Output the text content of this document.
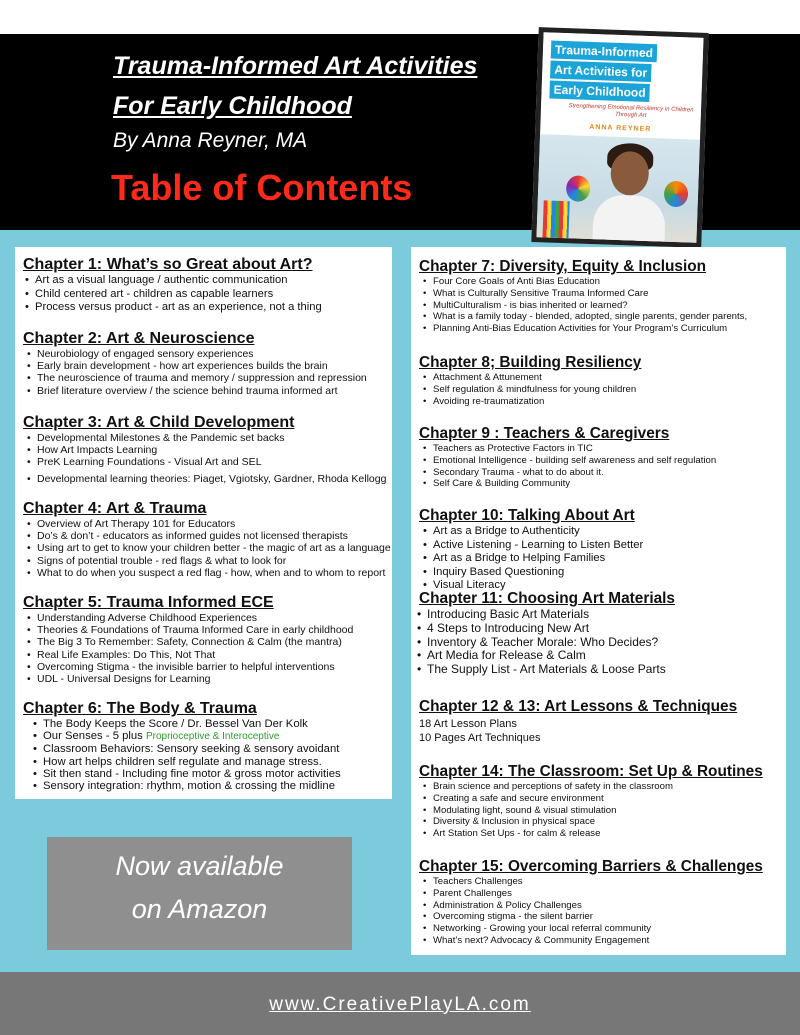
Trauma-Informed Art Activities
For Early Childhood
By Anna Reyner, MA
Table of Contents
Trauma-Informed
Art Activities for
Early Childhood
Strengthening Emotional Resiliency in Children Through Art
ANNA REYNER
Chapter 1: What’s so Great about Art?
• Art as a visual language / authentic communication
• Child centered art - children as capable learners
• Process versus product - art as an experience, not a thing
Chapter 2: Art & Neuroscience
• Neurobiology of engaged sensory experiences
• Early brain development - how art experiences builds the brain
• The neuroscience of trauma and memory / suppression and repression
• Brief literature overview / the science behind trauma informed art
Chapter 3: Art & Child Development
• Developmental Milestones & the Pandemic set backs
• How Art Impacts Learning
• PreK Learning Foundations - Visual Art and SEL
• Developmental learning theories: Piaget, Vgiotsky, Gardner, Rhoda Kellogg
Chapter 4: Art & Trauma
• Overview of Art Therapy 101 for Educators
• Do’s & don’t - educators as informed guides not licensed therapists
• Using art to get to know your children better - the magic of art as a language
• Signs of potential trouble - red flags & what to look for
• What to do when you suspect a red flag - how, when and to whom to report
Chapter 5: Trauma Informed ECE
• Understanding Adverse Childhood Experiences
• Theories & Foundations of Trauma Informed Care in early childhood
• The Big 3 To Remember: Safety, Connection & Calm (the mantra)
• Real Life Examples: Do This, Not That
• Overcoming Stigma - the invisible barrier to helpful interventions
• UDL - Universal Designs for Learning
Chapter 6: The Body & Trauma
• The Body Keeps the Score / Dr. Bessel Van Der Kolk
• Our Senses - 5 plus Proprioceptive & Interoceptive
• Classroom Behaviors: Sensory seeking & sensory avoidant
• How art helps children self regulate and manage stress.
• Sit then stand - Including fine motor & gross motor activities
• Sensory integration: rhythm, motion & crossing the midline
Chapter 7: Diversity, Equity & Inclusion
• Four Core Goals of Anti Bias Education
• What is Culturally Sensitive Trauma Informed Care
• MultiCulturalism - is bias inherited or learned?
• What is a family today - blended, adopted, single parents, gender parents,
• Planning Anti-Bias Education Activities for Your Program’s Curriculum
Chapter 8; Building Resiliency
• Attachment & Attunement
• Self regulation & mindfulness for young children
• Avoiding re-traumatization
Chapter 9 : Teachers & Caregivers
• Teachers as Protective Factors in TIC
• Emotional Intelligence - building self awareness and self regulation
• Secondary Trauma - what to do about it.
• Self Care & Building Community
Chapter 10: Talking About Art
• Art as a Bridge to Authenticity
• Active Listening - Learning to Listen Better
• Art as a Bridge to Helping Families
• Inquiry Based Questioning
• Visual Literacy
Chapter 11: Choosing Art Materials
• Introducing Basic Art Materials
• 4 Steps to Introducing New Art
• Inventory & Teacher Morale: Who Decides?
• Art Media for Release & Calm
• The Supply List - Art Materials & Loose Parts
Chapter 12 & 13: Art Lessons & Techniques
18 Art Lesson Plans
10 Pages Art Techniques
Chapter 14: The Classroom: Set Up & Routines
• Brain science and perceptions of safety in the classroom
• Creating a safe and secure environment
• Modulating light, sound & visual stimulation
• Diversity & Inclusion in physical space
• Art Station Set Ups - for calm & release
Chapter 15: Overcoming Barriers & Challenges
• Teachers Challenges
• Parent Challenges
• Administration & Policy Challenges
• Overcoming stigma - the silent barrier
• Networking - Growing your local referral community
• What’s next? Advocacy & Community Engagement
Now available
on Amazon
www.CreativePlayLA.com
